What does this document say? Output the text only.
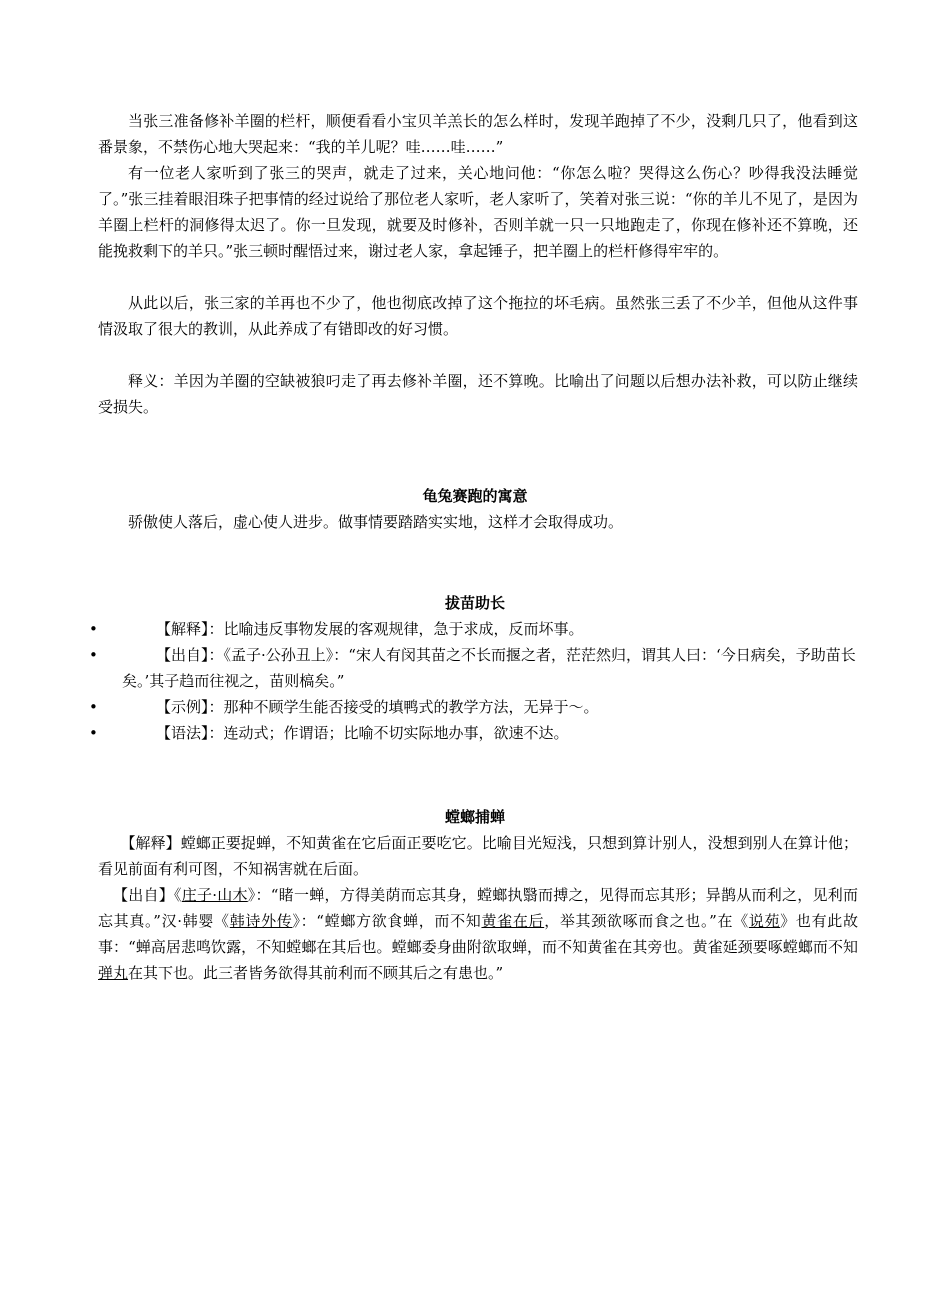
当张三准备修补羊圈的栏杆，顺便看看小宝贝羊羔长的怎么样时，发现羊跑掉了不少，没剩几只了，他看到这番景象，不禁伤心地大哭起来：“我的羊儿呢？哇……哇……”

有一位老人家听到了张三的哭声，就走了过来，关心地问他：“你怎么啦？哭得这么伤心？吵得我没法睡觉了。”张三挂着眼泪珠子把事情的经过说给了那位老人家听，老人家听了，笑着对张三说：“你的羊儿不见了，是因为羊圈上栏杆的洞修得太迟了。你一旦发现，就要及时修补，否则羊就一只一只地跑走了，你现在修补还不算晚，还能挽救剩下的羊只。”张三顿时醒悟过来，谢过老人家，拿起锤子，把羊圈上的栏杆修得牢牢的。

从此以后，张三家的羊再也不少了，他也彻底改掉了这个拖拉的坏毛病。虽然张三丢了不少羊，但他从这件事情汲取了很大的教训，从此养成了有错即改的好习惯。

释义：羊因为羊圈的空缺被狼叼走了再去修补羊圈，还不算晚。比喻出了问题以后想办法补救，可以防止继续受损失。

龟兔赛跑的寓意

骄傲使人落后，虚心使人进步。做事情要踏踏实实地，这样才会取得成功。

拔苗助长
•	【解释】：比喻违反事物发展的客观规律，急于求成，反而坏事。
•	【出自】：《孟子·公孙丑上》：“宋人有闵其苗之不长而揠之者，茫茫然归，谓其人曰：‘今日病矣，予助苗长矣。’其子趋而往视之，苗则槁矣。”
•	【示例】：那种不顾学生能否接受的填鸭式的教学方法，无异于～。
•	【语法】：连动式；作谓语；比喻不切实际地办事，欲速不达。
螳螂捕蝉

【解释】螳螂正要捉蝉，不知黄雀在它后面正要吃它。比喻目光短浅，只想到算计别人，没想到别人在算计他；看见前面有利可图，不知祸害就在后面。

【出自】《庄子·山木》：“睹一蝉，方得美荫而忘其身，螳螂执翳而搏之，见得而忘其形；异鹊从而利之，见利而忘其真。”汉·韩婴《韩诗外传》：“螳螂方欲食蝉，而不知黄雀在后，举其颈欲啄而食之也。”在《说苑》也有此故事：“蝉高居悲鸣饮露，不知螳螂在其后也。螳螂委身曲附欲取蝉，而不知黄雀在其旁也。黄雀延颈要啄螳螂而不知弹丸在其下也。此三者皆务欲得其前利而不顾其后之有患也。”
